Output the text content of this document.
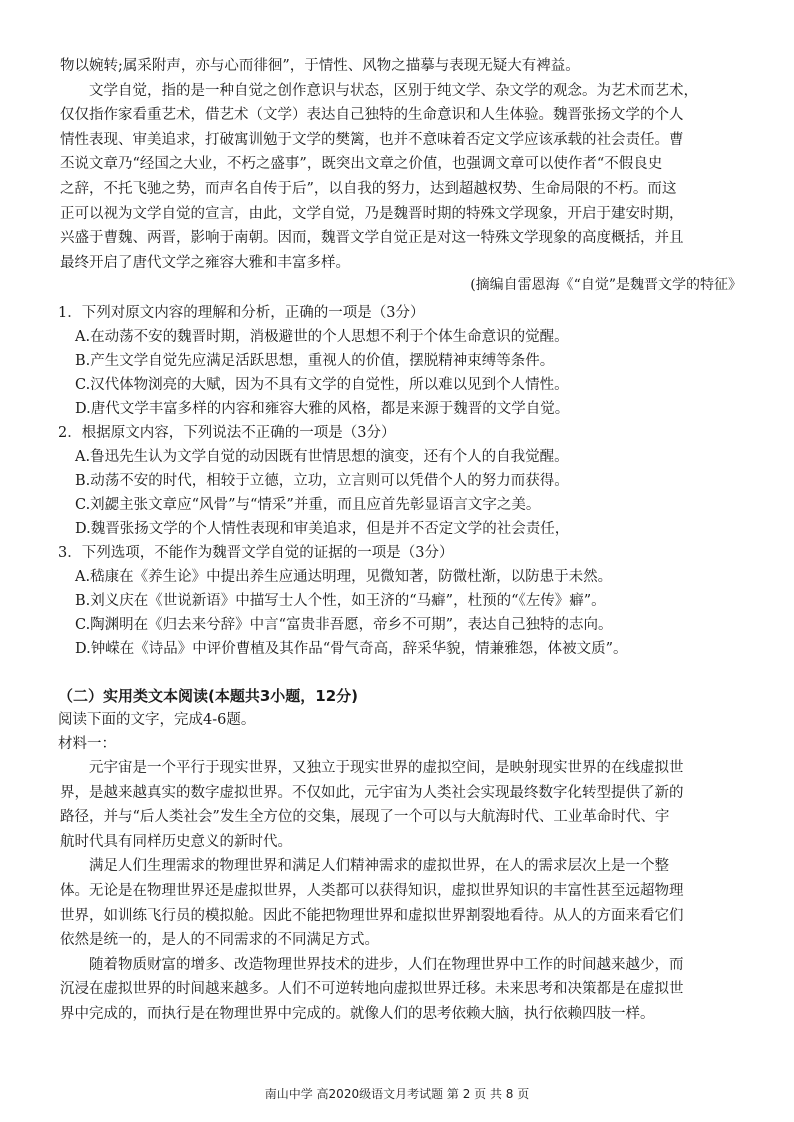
物以婉转;属采附声，亦与心而徘徊”，于情性、风物之描摹与表现无疑大有裨益。
　　文学自觉，指的是一种自觉之创作意识与状态，区别于纯文学、杂文学的观念。为艺术而艺术，
仅仅指作家看重艺术，借艺术（文学）表达自己独特的生命意识和人生体验。魏晋张扬文学的个人
情性表现、审美追求，打破寓训勉于文学的樊篱，也并不意味着否定文学应该承载的社会责任。曹
丕说文章乃“经国之大业，不朽之盛事”，既突出文章之价值，也强调文章可以使作者“不假良史
之辞，不托飞驰之势，而声名自传于后”，以自我的努力，达到超越权势、生命局限的不朽。而这
正可以视为文学自觉的宣言，由此，文学自觉，乃是魏晋时期的特殊文学现象，开启于建安时期，
兴盛于曹魏、两晋，影响于南朝。因而，魏晋文学自觉正是对这一特殊文学现象的高度概括，并且
最终开启了唐代文学之雍容大雅和丰富多样。
(摘编自雷恩海《“自觉”是魏晋文学的特征》
1．下列对原文内容的理解和分析，正确的一项是（3分）
A.在动荡不安的魏晋时期，消极避世的个人思想不利于个体生命意识的觉醒。
B.产生文学自觉先应满足活跃思想，重视人的价值，摆脱精神束缚等条件。
C.汉代体物浏亮的大赋，因为不具有文学的自觉性，所以难以见到个人情性。
D.唐代文学丰富多样的内容和雍容大雅的风格，都是来源于魏晋的文学自觉。
2．根据原文内容，下列说法不正确的一项是（3分）
A.鲁迅先生认为文学自觉的动因既有世情思想的演变，还有个人的自我觉醒。
B.动荡不安的时代，相较于立德，立功，立言则可以凭借个人的努力而获得。
C.刘勰主张文章应“风骨”与“情采”并重，而且应首先彰显语言文字之美。
D.魏晋张扬文学的个人情性表现和审美追求，但是并不否定文学的社会责任，
3．下列选项，不能作为魏晋文学自觉的证据的一项是（3分）
A.嵇康在《养生论》中提出养生应通达明理，见微知著，防微杜渐，以防患于未然。
B.刘义庆在《世说新语》中描写士人个性，如王济的“马癖”，杜预的“《左传》癖”。
C.陶渊明在《归去来兮辞》中言“富贵非吾愿，帝乡不可期”，表达自己独特的志向。
D.钟嵘在《诗品》中评价曹植及其作品“骨气奇高，辞采华貌，情兼雅怨，体被文质”。
（二）实用类文本阅读(本题共3小题，12分)
阅读下面的文字，完成4-6题。
材料一：
　　元宇宙是一个平行于现实世界，又独立于现实世界的虚拟空间，是映射现实世界的在线虚拟世
界，是越来越真实的数字虚拟世界。不仅如此，元宇宙为人类社会实现最终数字化转型提供了新的
路径，并与“后人类社会”发生全方位的交集，展现了一个可以与大航海时代、工业革命时代、宇
航时代具有同样历史意义的新时代。
　　满足人们生理需求的物理世界和满足人们精神需求的虚拟世界，在人的需求层次上是一个整
体。无论是在物理世界还是虚拟世界，人类都可以获得知识，虚拟世界知识的丰富性甚至远超物理
世界，如训练飞行员的模拟舱。因此不能把物理世界和虚拟世界割裂地看待。从人的方面来看它们
依然是统一的，是人的不同需求的不同满足方式。
　　随着物质财富的增多、改造物理世界技术的进步，人们在物理世界中工作的时间越来越少，而
沉浸在虚拟世界的时间越来越多。人们不可逆转地向虚拟世界迁移。未来思考和决策都是在虚拟世
界中完成的，而执行是在物理世界中完成的。就像人们的思考依赖大脑，执行依赖四肢一样。
南山中学 高2020级语文月考试题 第 2 页 共 8 页
